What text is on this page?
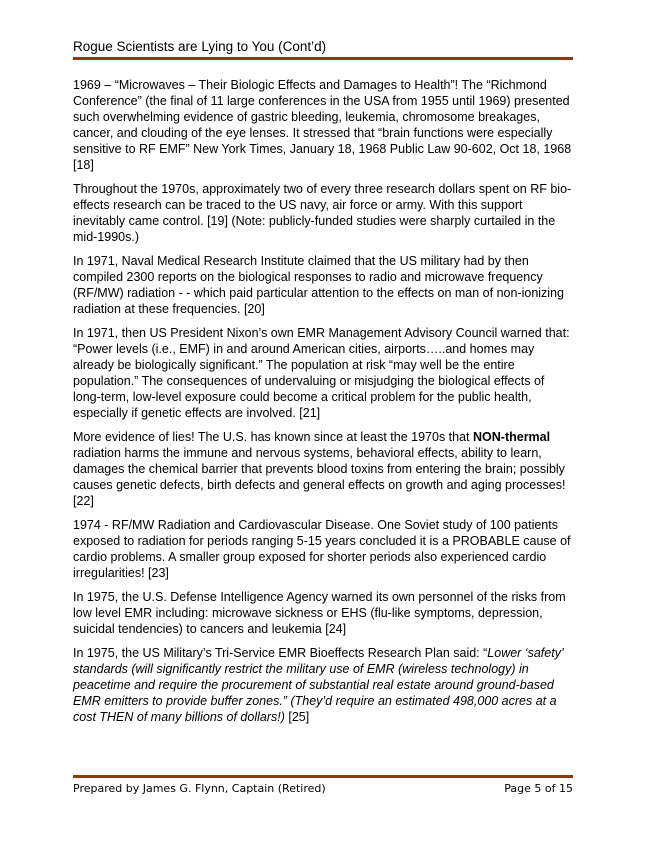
Rogue Scientists are Lying to You (Cont’d)

1969 – “Microwaves – Their Biologic Effects and Damages to Health”! The “Richmond Conference” (the final of 11 large conferences in the USA from 1955 until 1969) presented such overwhelming evidence of gastric bleeding, leukemia, chromosome breakages, cancer, and clouding of the eye lenses. It stressed that “brain functions were especially sensitive to RF EMF” New York Times, January 18, 1968 Public Law 90-602, Oct 18, 1968 [18]

Throughout the 1970s, approximately two of every three research dollars spent on RF bio-effects research can be traced to the US navy, air force or army. With this support inevitably came control. [19] (Note: publicly-funded studies were sharply curtailed in the mid-1990s.)

In 1971, Naval Medical Research Institute claimed that the US military had by then compiled 2300 reports on the biological responses to radio and microwave frequency (RF/MW) radiation - - which paid particular attention to the effects on man of non-ionizing radiation at these frequencies. [20]

In 1971, then US President Nixon’s own EMR Management Advisory Council warned that: “Power levels (i.e., EMF) in and around American cities, airports…..and homes may already be biologically significant.” The population at risk “may well be the entire population.” The consequences of undervaluing or misjudging the biological effects of long-term, low-level exposure could become a critical problem for the public health, especially if genetic effects are involved. [21]

More evidence of lies! The U.S. has known since at least the 1970s that NON-thermal radiation harms the immune and nervous systems, behavioral effects, ability to learn, damages the chemical barrier that prevents blood toxins from entering the brain; possibly causes genetic defects, birth defects and general effects on growth and aging processes! [22]

1974 - RF/MW Radiation and Cardiovascular Disease. One Soviet study of 100 patients exposed to radiation for periods ranging 5-15 years concluded it is a PROBABLE cause of cardio problems. A smaller group exposed for shorter periods also experienced cardio irregularities! [23]

In 1975, the U.S. Defense Intelligence Agency warned its own personnel of the risks from low level EMR including: microwave sickness or EHS (flu-like symptoms, depression, suicidal tendencies) to cancers and leukemia [24]

In 1975, the US Military’s Tri-Service EMR Bioeffects Research Plan said: “Lower ‘safety’ standards (will significantly restrict the military use of EMR (wireless technology) in peacetime and require the procurement of substantial real estate around ground-based EMR emitters to provide buffer zones.” (They’d require an estimated 498,000 acres at a cost THEN of many billions of dollars!) [25]

Prepared by James G. Flynn, Captain (Retired)	Page 5 of 15
